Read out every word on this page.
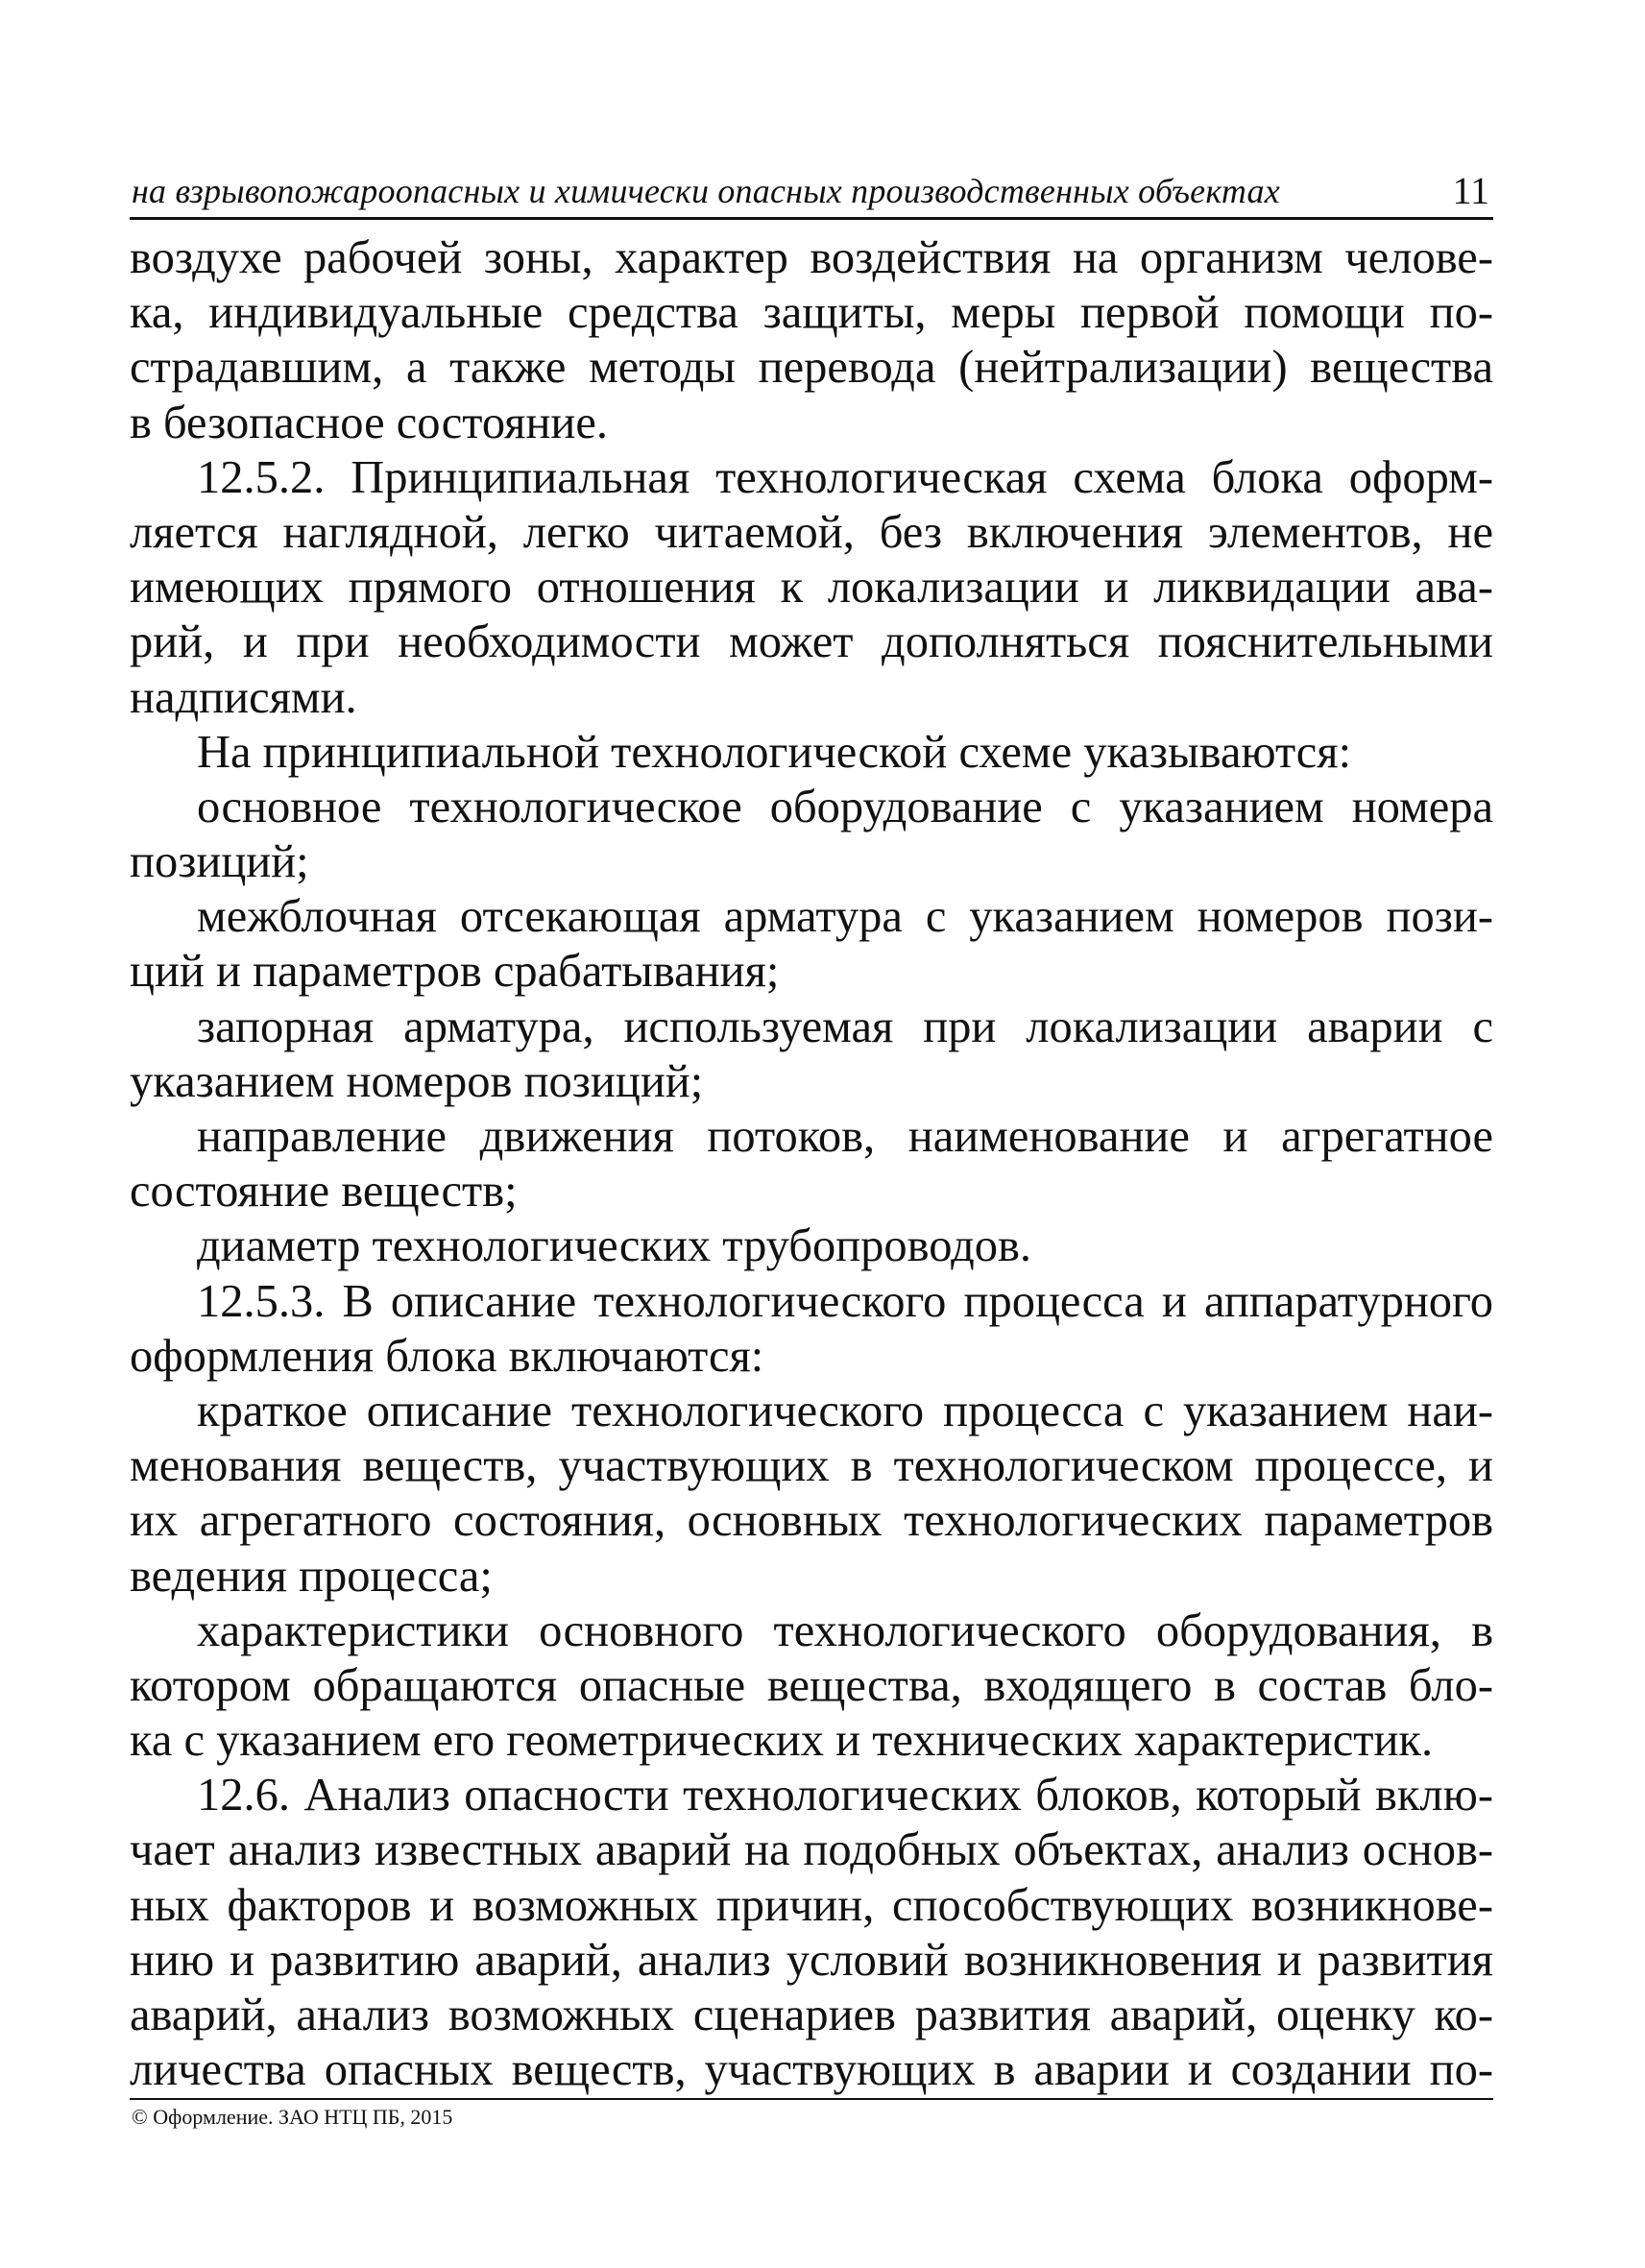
на взрывопожароопасных и химически опасных производственных объектах	11
воздухе рабочей зоны, характер воздействия на организм челове-
ка, индивидуальные средства защиты, меры первой помощи по-
страдавшим, а также методы перевода (нейтрализации) вещества
в безопасное состояние.
12.5.2. Принципиальная технологическая схема блока оформ-
ляется наглядной, легко читаемой, без включения элементов, не
имеющих прямого отношения к локализации и ликвидации ава-
рий, и при необходимости может дополняться пояснительными
надписями.
На принципиальной технологической схеме указываются:
основное технологическое оборудование с указанием номера
позиций;
межблочная отсекающая арматура с указанием номеров пози-
ций и параметров срабатывания;
запорная арматура, используемая при локализации аварии с
указанием номеров позиций;
направление движения потоков, наименование и агрегатное
состояние веществ;
диаметр технологических трубопроводов.
12.5.3. В описание технологического процесса и аппаратурного
оформления блока включаются:
краткое описание технологического процесса с указанием наи-
менования веществ, участвующих в технологическом процессе, и
их агрегатного состояния, основных технологических параметров
ведения процесса;
характеристики основного технологического оборудования, в
котором обращаются опасные вещества, входящего в состав бло-
ка с указанием его геометрических и технических характеристик.
12.6. Анализ опасности технологических блоков, который вклю-
чает анализ известных аварий на подобных объектах, анализ основ-
ных факторов и возможных причин, способствующих возникнове-
нию и развитию аварий, анализ условий возникновения и развития
аварий, анализ возможных сценариев развития аварий, оценку ко-
личества опасных веществ, участвующих в аварии и создании по-
© Оформление. ЗАО НТЦ ПБ, 2015
